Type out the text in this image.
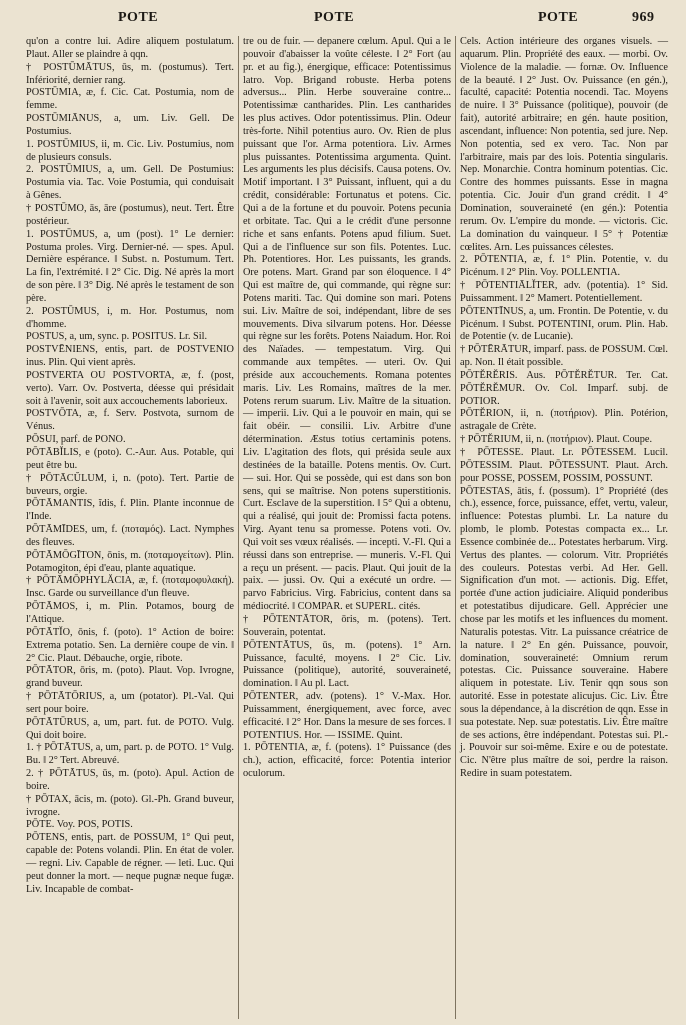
POTE	POTE	POTE	969

qu'on a contre lui. Adire aliquem postulatum. Plaut. Aller se plaindre à qqn.

† POSTŪMĀTUS, ūs, m. (postumus). Tert. Infériorité, dernier rang.

POSTŪMIA, æ, f. Cic. Cat. Postumia, nom de femme.

POSTŪMIĀNUS, a, um. Liv. Gell. De Postumius.

1. POSTŪMIUS, ii, m. Cic. Liv. Postumius, nom de plusieurs consuls.

2. POSTŪMIUS, a, um. Gell. De Postumius: Postumia via. Tac. Voie Postumia, qui conduisait à Gênes.

† POSTŪMO, ās, āre (postumus), neut. Tert. Être postérieur.

1. POSTŪMUS, a, um (post). 1° Le dernier: Postuma proles. Virg. Dernier-né. — spes. Apul. Dernière espérance. ‖ Subst. n. Postumum. Tert. La fin, l'extrémité. ‖ 2° Cic. Dig. Né après la mort de son père. ‖ 3° Dig. Né après le testament de son père.

2. POSTŪMUS, i, m. Hor. Postumus, nom d'homme.

POSTUS, a, um, sync. p. POSITUS. Lr. Sil.

POSTVĒNIENS, entis, part. de POSTVENIO inus. Plin. Qui vient après.

POSTVERTA OU POSTVORTA, æ, f. (post, verto). Varr. Ov. Postverta, déesse qui présidait soit à l'avenir, soit aux accouchements laborieux.

POSTVŌTA, æ, f. Serv. Postvota, surnom de Vénus.

PŌSUI, parf. de PONO.

PŌTĀBĬLIS, e (poto). C.-Aur. Aus. Potable, qui peut être bu.

† PŌTĀCŬLUM, i, n. (poto). Tert. Partie de buveurs, orgie.

PŌTĀMANTIS, ĭdis, f. Plin. Plante inconnue de l'Inde.

PŌTĀMĪDES, um, f. (ποταμός). Lact. Nymphes des fleuves.

PŌTĀMŌGĪTON, ōnis, m. (ποταμογείτων). Plin. Potamogiton, épi d'eau, plante aquatique.

† PŌTĀMŌPHYLĂCIA, æ, f. (ποταμοφυλακή). Insc. Garde ou surveillance d'un fleuve.

PŌTĀMOS, i, m. Plin. Potamos, bourg de l'Attique.

PŌTĀTĬO, ōnis, f. (poto). 1° Action de boire: Extrema potatio. Sen. La dernière coupe de vin. ‖ 2° Cic. Plaut. Débauche, orgie, ribote.

PŌTĀTOR, ōris, m. (poto). Plaut. Vop. Ivrogne, grand buveur.

† PŌTĀTŌRIUS, a, um (potator). Pl.-Val. Qui sert pour boire.

PŌTĀTŪRUS, a, um, part. fut. de POTO. Vulg. Qui doit boire.

1. † PŌTĀTUS, a, um, part. p. de POTO. 1° Vulg. Bu. ‖ 2° Tert. Abreuvé.

2. † PŌTĀTUS, ūs, m. (poto). Apul. Action de boire.

† PŌTAX, ācis, m. (poto). Gl.-Ph. Grand buveur, ivrogne.

PŌTE. Voy. POS, POTIS.

PŌTENS, entis, part. de POSSUM, 1° Qui peut, capable de: Potens volandi. Plin. En état de voler. — regni. Liv. Capable de régner. — leti. Luc. Qui peut donner la mort. — neque pugnæ neque fugæ. Liv. Incapable de combat-

tre ou de fuir. — depanere cœlum. Apul. Qui a le pouvoir d'abaisser la voûte céleste. ‖ 2° Fort (au pr. et au fig.), énergique, efficace: Potentissimus latro. Vop. Brigand robuste. Herba potens adversus... Plin. Herbe souveraine contre... Potentissimæ cantharides. Plin. Les cantharides les plus actives. Odor potentissimus. Plin. Odeur très-forte. Nihil potentius auro. Ov. Rien de plus puissant que l'or. Arma potentiora. Liv. Armes plus puissantes. Potentissima argumenta. Quint. Les arguments les plus décisifs. Causa potens. Ov. Motif important. ‖ 3° Puissant, influent, qui a du crédit, considérable: Fortunatus et potens. Cic. Qui a de la fortune et du pouvoir. Potens pecunia et orbitate. Tac. Qui a le crédit d'une personne riche et sans enfants. Potens apud filium. Suet. Qui a de l'influence sur son fils. Potentes. Luc. Ph. Potentiores. Hor. Les puissants, les grands. Ore potens. Mart. Grand par son éloquence. ‖ 4° Qui est maître de, qui commande, qui règne sur: Potens mariti. Tac. Qui domine son mari. Potens sui. Liv. Maître de soi, indépendant, libre de ses mouvements. Diva silvarum potens. Hor. Déesse qui règne sur les forêts. Potens Naiadum. Hor. Roi des Naïades. — tempestatum. Virg. Qui commande aux tempêtes. — uteri. Ov. Qui préside aux accouchements. Romana potentes maris. Liv. Les Romains, maîtres de la mer. Potens rerum suarum. Liv. Maître de la situation. — imperii. Liv. Qui a le pouvoir en main, qui se fait obéir. — consilii. Liv. Arbitre d'une détermination. Æstus totius certaminis potens. Liv. L'agitation des flots, qui présida seule aux destinées de la bataille. Potens mentis. Ov. Curt. — sui. Hor. Qui se possède, qui est dans son bon sens, qui se maîtrise. Non potens superstitionis. Curt. Esclave de la superstition. ‖ 5° Qui a obtenu, qui a réalisé, qui jouit de: Promissi facta potens. Virg. Ayant tenu sa promesse. Potens voti. Ov. Qui voit ses vœux réalisés. — incepti. V.-Fl. Qui a réussi dans son entreprise. — muneris. V.-Fl. Qui a reçu un présent. — pacis. Plaut. Qui jouit de la paix. — jussi. Ov. Qui a exécuté un ordre. — parvo Fabricius. Virg. Fabricius, content dans sa médiocrité. ‖ COMPAR. et SUPERL. cités.

† PŌTENTĀTOR, ōris, m. (potens). Tert. Souverain, potentat.

PŌTENTĀTUS, ūs, m. (potens). 1° Arn. Puissance, faculté, moyens. ‖ 2° Cic. Liv. Puissance (politique), autorité, souveraineté, domination. ‖ Au pl. Lact.

PŌTENTER, adv. (potens). 1° V.-Max. Hor. Puissamment, énergiquement, avec force, avec efficacité. ‖ 2° Hor. Dans la mesure de ses forces. ‖ POTENTIUS. Hor. — ISSIME. Quint.

1. PŌTENTIA, æ, f. (potens). 1° Puissance (des ch.), action, efficacité, force: Potentia interior oculorum.

Cels. Action intérieure des organes visuels. — aquarum. Plin. Propriété des eaux. — morbi. Ov. Violence de la maladie. — fornæ. Ov. Influence de la beauté. ‖ 2° Just. Ov. Puissance (en gén.), faculté, capacité: Potentia nocendi. Tac. Moyens de nuire. ‖ 3° Puissance (politique), pouvoir (de fait), autorité arbitraire; en gén. haute position, ascendant, influence: Non potentia, sed jure. Nep. Non potentia, sed ex vero. Tac. Non par l'arbitraire, mais par des lois. Potentia singularis. Nep. Monarchie. Contra hominum potentias. Cic. Contre des hommes puissants. Esse in magna potentia. Cic. Jouir d'un grand crédit. ‖ 4° Domination, souveraineté (en gén.): Potentia rerum. Ov. L'empire du monde. — victoris. Cic. La domination du vainqueur. ‖ 5° † Potentiæ cœlites. Arn. Les puissances célestes.

2. PŌTENTIA, æ, f. 1° Plin. Potentie, v. du Picénum. ‖ 2° Plin. Voy. POLLENTIA.

† PŌTENTIĀLĬTER, adv. (potentia). 1° Sid. Puissamment. ‖ 2° Mamert. Potentiellement.

PŌTENTĪNUS, a, um. Frontin. De Potentie, v. du Picénum. ‖ Subst. POTENTINI, orum. Plin. Hab. de Potentie (v. de Lucanie).

† PŌTĒRĀTUR, imparf. pass. de POSSUM. Cœl. ap. Non. Il était possible.

PŌTĔRĔRIS. Aus. PŌTĔRĔTUR. Ter. Cat. PŌTĔRĔMUR. Ov. Col. Imparf. subj. de POTIOR.

PŌTĔRION, ii, n. (ποτήριον). Plin. Potérion, astragale de Crète.

† PŌTĔRIUM, ii, n. (ποτήριον). Plaut. Coupe.

† PŌTESSE. Plaut. Lr. PŌTESSEM. Lucil. PŌTESSIM. Plaut. PŌTESSUNT. Plaut. Arch. pour POSSE, POSSEM, POSSIM, POSSUNT.

PŌTESTAS, ātis, f. (possum). 1° Propriété (des ch.), essence, force, puissance, effet, vertu, valeur, influence: Potestas plumbi. Lr. La nature du plomb, le plomb. Potestas compacta ex... Lr. Essence combinée de... Potestates herbarum. Virg. Vertus des plantes. — colorum. Vitr. Propriétés des couleurs. Potestas verbi. Ad Her. Gell. Signification d'un mot. — actionis. Dig. Effet, portée d'une action judiciaire. Aliquid ponderibus et potestatibus dijudicare. Gell. Apprécier une chose par les motifs et les influences du moment. Naturalis potestas. Vitr. La puissance créatrice de la nature. ‖ 2° En gén. Puissance, pouvoir, domination, souveraineté: Omnium rerum potestas. Cic. Puissance souveraine. Habere aliquem in potestate. Liv. Tenir qqn sous son autorité. Esse in potestate alicujus. Cic. Liv. Être sous la dépendance, à la discrétion de qqn. Esse in sua potestate. Nep. suæ potestatis. Liv. Être maître de ses actions, être indépendant. Potestas sui. Pl.-j. Pouvoir sur soi-même. Exire e ou de potestate. Cic. N'être plus maître de soi, perdre la raison. Redire in suam potestatem.
